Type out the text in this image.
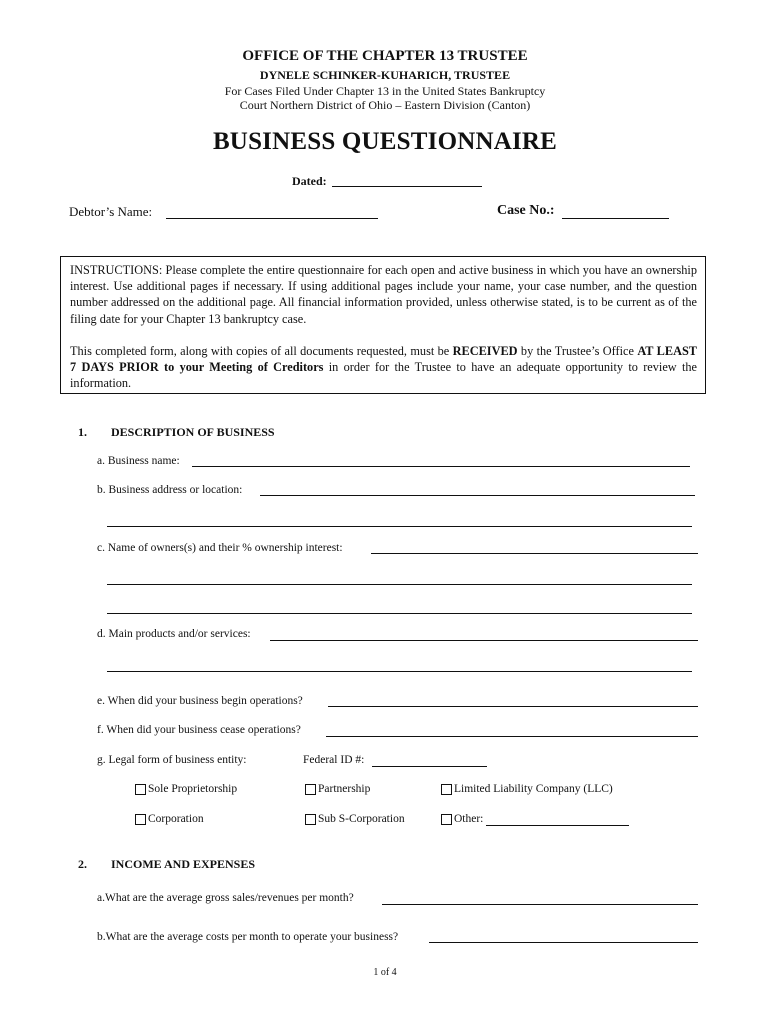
OFFICE OF THE CHAPTER 13 TRUSTEE
DYNELE SCHINKER-KUHARICH, TRUSTEE
For Cases Filed Under Chapter 13 in the United States Bankruptcy
Court Northern District of Ohio – Eastern Division (Canton)
BUSINESS QUESTIONNAIRE
Dated:
Debtor’s Name:	Case No.:

INSTRUCTIONS: Please complete the entire questionnaire for each open and active business in which you have an ownership interest. Use additional pages if necessary. If using additional pages include your name, your case number, and the question number addressed on the additional page. All financial information provided, unless otherwise stated, is to be current as of the filing date for your Chapter 13 bankruptcy case.

This completed form, along with copies of all documents requested, must be RECEIVED by the Trustee’s Office AT LEAST 7 DAYS PRIOR to your Meeting of Creditors in order for the Trustee to have an adequate opportunity to review the information.

1. DESCRIPTION OF BUSINESS
a. Business name:
b. Business address or location:
c. Name of owners(s) and their % ownership interest:
d. Main products and/or services:
e. When did your business begin operations?
f. When did your business cease operations?
g. Legal form of business entity:	Federal ID #:
Sole Proprietorship	Partnership	Limited Liability Company (LLC)
Corporation	Sub S-Corporation	Other:
2. INCOME AND EXPENSES
a.What are the average gross sales/revenues per month?
b.What are the average costs per month to operate your business?
1 of 4
